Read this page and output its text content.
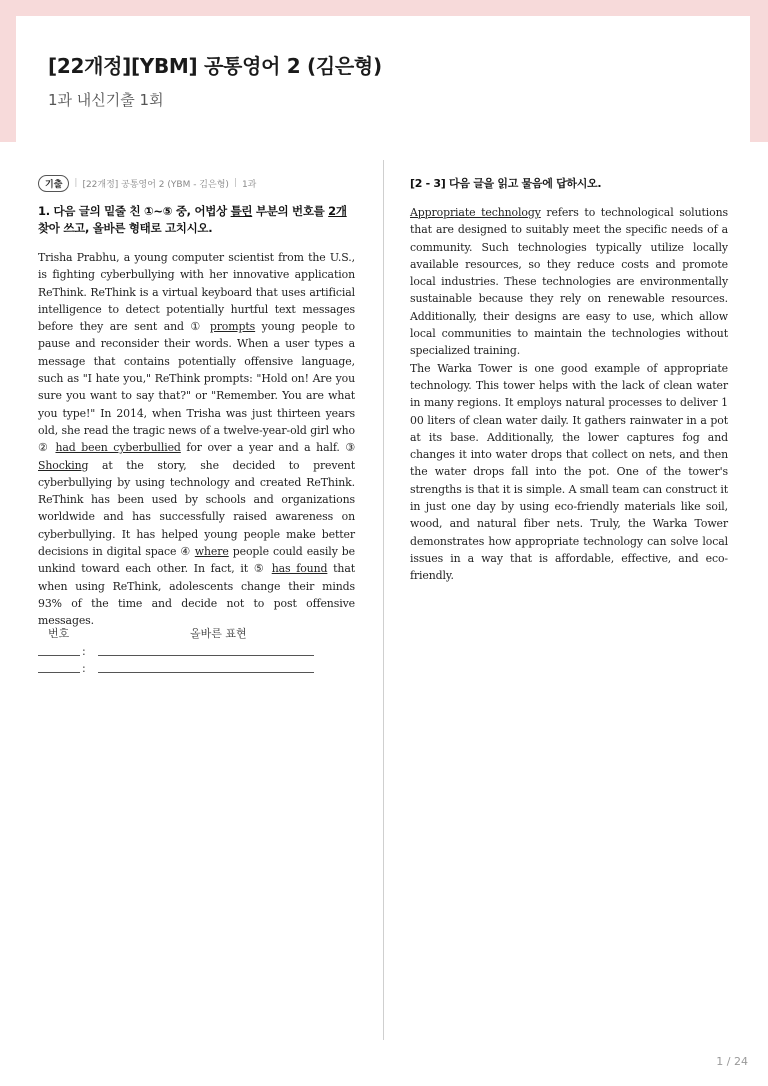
[22개정][YBM] 공통영어 2 (김은형)
1과 내신기출 1회
기출	| [22개정] 공통영어 2 (YBM - 김은형) | 1과
1. 다음 글의 밑줄 친 ①~⑤ 중, 어법상 틀린 부분의 번호를 2개 찾아 쓰고, 올바른 형태로 고치시오.
Trisha Prabhu, a young computer scientist from the U.S., is fighting cyberbullying with her innovative application ReThink. ReThink is a virtual keyboard that uses artificial intelligence to detect potentially hurtful text messages before they are sent and ① prompts young people to pause and reconsider their words. When a user types a message that contains potentially offensive language, such as "I hate you," ReThink prompts: "Hold on! Are you sure you want to say that?" or "Remember. You are what you type!" In 2014, when Trisha was just thirteen years old, she read the tragic news of a twelve-year-old girl who ② had been cyberbullied for over a year and a half. ③ Shocking at the story, she decided to prevent cyberbullying by using technology and created ReThink. ReThink has been used by schools and organizations worldwide and has successfully raised awareness on cyberbullying. It has helped young people make better decisions in digital space ④ where people could easily be unkind toward each other. In fact, it ⑤ has found that when using ReThink, adolescents change their minds 93% of the time and decide not to post offensive messages.
번호	올바른 표현
:
:
[2 - 3] 다음 글을 읽고 물음에 답하시오.

Appropriate technology refers to technological solutions that are designed to suitably meet the specific needs of a community. Such technologies typically utilize locally available resources, so they reduce costs and promote local industries. These technologies are environmentally sustainable because they rely on renewable resources. Additionally, their designs are easy to use, which allow local communities to maintain the technologies without specialized training.

The Warka Tower is one good example of appropriate technology. This tower helps with the lack of clean water in many regions. It employs natural processes to deliver 1 00 liters of clean water daily. It gathers rainwater in a pot at its base. Additionally, the lower captures fog and changes it into water drops that collect on nets, and then the water drops fall into the pot. One of the tower's strengths is that it is simple. A small team can construct it in just one day by using eco-friendly materials like soil, wood, and natural fiber nets. Truly, the Warka Tower demonstrates how appropriate technology can solve local issues in a way that is affordable, effective, and eco-friendly.

1 / 24
